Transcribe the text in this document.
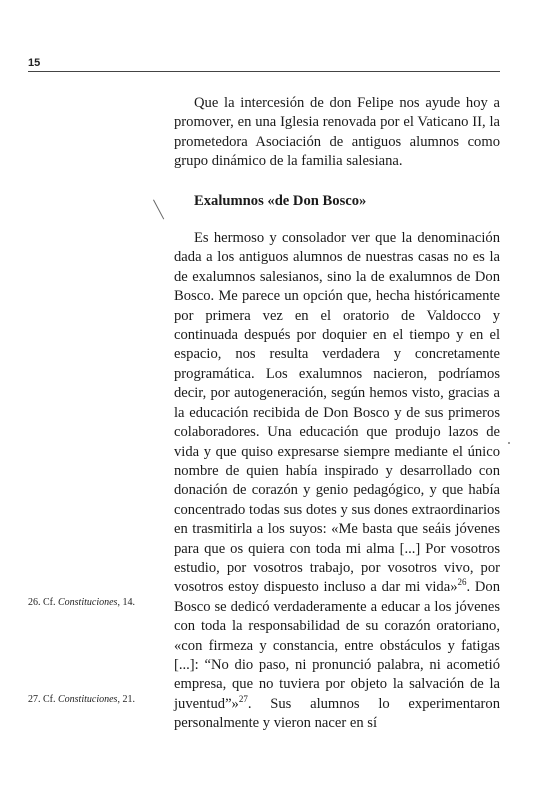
15

Que la intercesión de don Felipe nos ayude hoy a promover, en una Iglesia renovada por el Vaticano II, la prometedora Asociación de antiguos alumnos como grupo dinámico de la familia salesiana.

Exalumnos «de Don Bosco»

Es hermoso y consolador ver que la denominación dada a los antiguos alumnos de nuestras casas no es la de exalumnos salesianos, sino la de exalumnos de Don Bosco. Me parece un opción que, hecha históricamente por primera vez en el oratorio de Valdocco y continuada después por doquier en el tiempo y en el espacio, nos resulta verdadera y concretamente programática. Los exalumnos nacieron, podríamos decir, por autogeneración, según hemos visto, gracias a la educación recibida de Don Bosco y de sus primeros colaboradores. Una educación que produjo lazos de vida y que quiso expresarse siempre mediante el único nombre de quien había inspirado y desarrollado con donación de corazón y genio pedagógico, y que había concentrado todas sus dotes y sus dones extraordinarios en trasmitirla a los suyos: «Me basta que seáis jóvenes para que os quiera con toda mi alma [...] Por vosotros estudio, por vosotros trabajo, por vosotros vivo, por vosotros estoy dispuesto incluso a dar mi vida»$^{26}$. Don Bosco se dedicó verdaderamente a educar a los jóvenes con toda la responsabilidad de su corazón oratoriano, «con firmeza y constancia, entre obstáculos y fatigas [...]: “No dio paso, ni pronunció palabra, ni acometió empresa, que no tuviera por objeto la salvación de la juventud”»$^{27}$. Sus alumnos lo experimentaron personalmente y vieron nacer en sí

26. Cf. Constituciones, 14.
27. Cf. Constituciones, 21.
